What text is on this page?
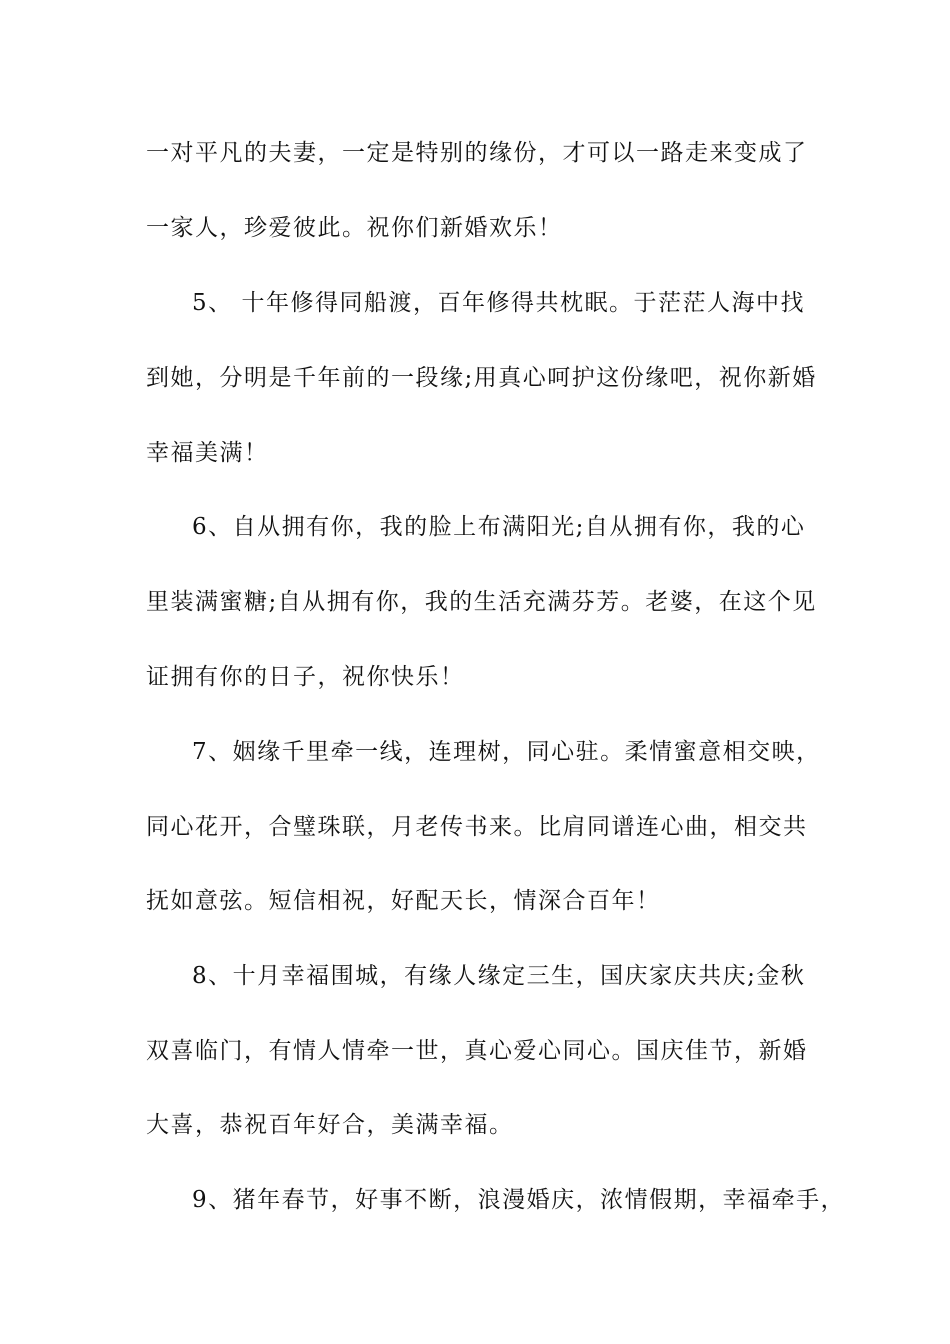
一对平凡的夫妻，一定是特别的缘份，才可以一路走来变成了
一家人，珍爱彼此。祝你们新婚欢乐！
5、 十年修得同船渡，百年修得共枕眠。于茫茫人海中找
到她，分明是千年前的一段缘;用真心呵护这份缘吧，祝你新婚
幸福美满！
6、自从拥有你，我的脸上布满阳光;自从拥有你，我的心
里装满蜜糖;自从拥有你，我的生活充满芬芳。老婆，在这个见
证拥有你的日子，祝你快乐！
7、姻缘千里牵一线，连理树，同心驻。柔情蜜意相交映，
同心花开，合璧珠联，月老传书来。比肩同谱连心曲，相交共
抚如意弦。短信相祝，好配天长，情深合百年！
8、十月幸福围城，有缘人缘定三生，国庆家庆共庆;金秋
双喜临门，有情人情牵一世，真心爱心同心。国庆佳节，新婚
大喜，恭祝百年好合，美满幸福。
9、猪年春节，好事不断，浪漫婚庆，浓情假期，幸福牵手，
